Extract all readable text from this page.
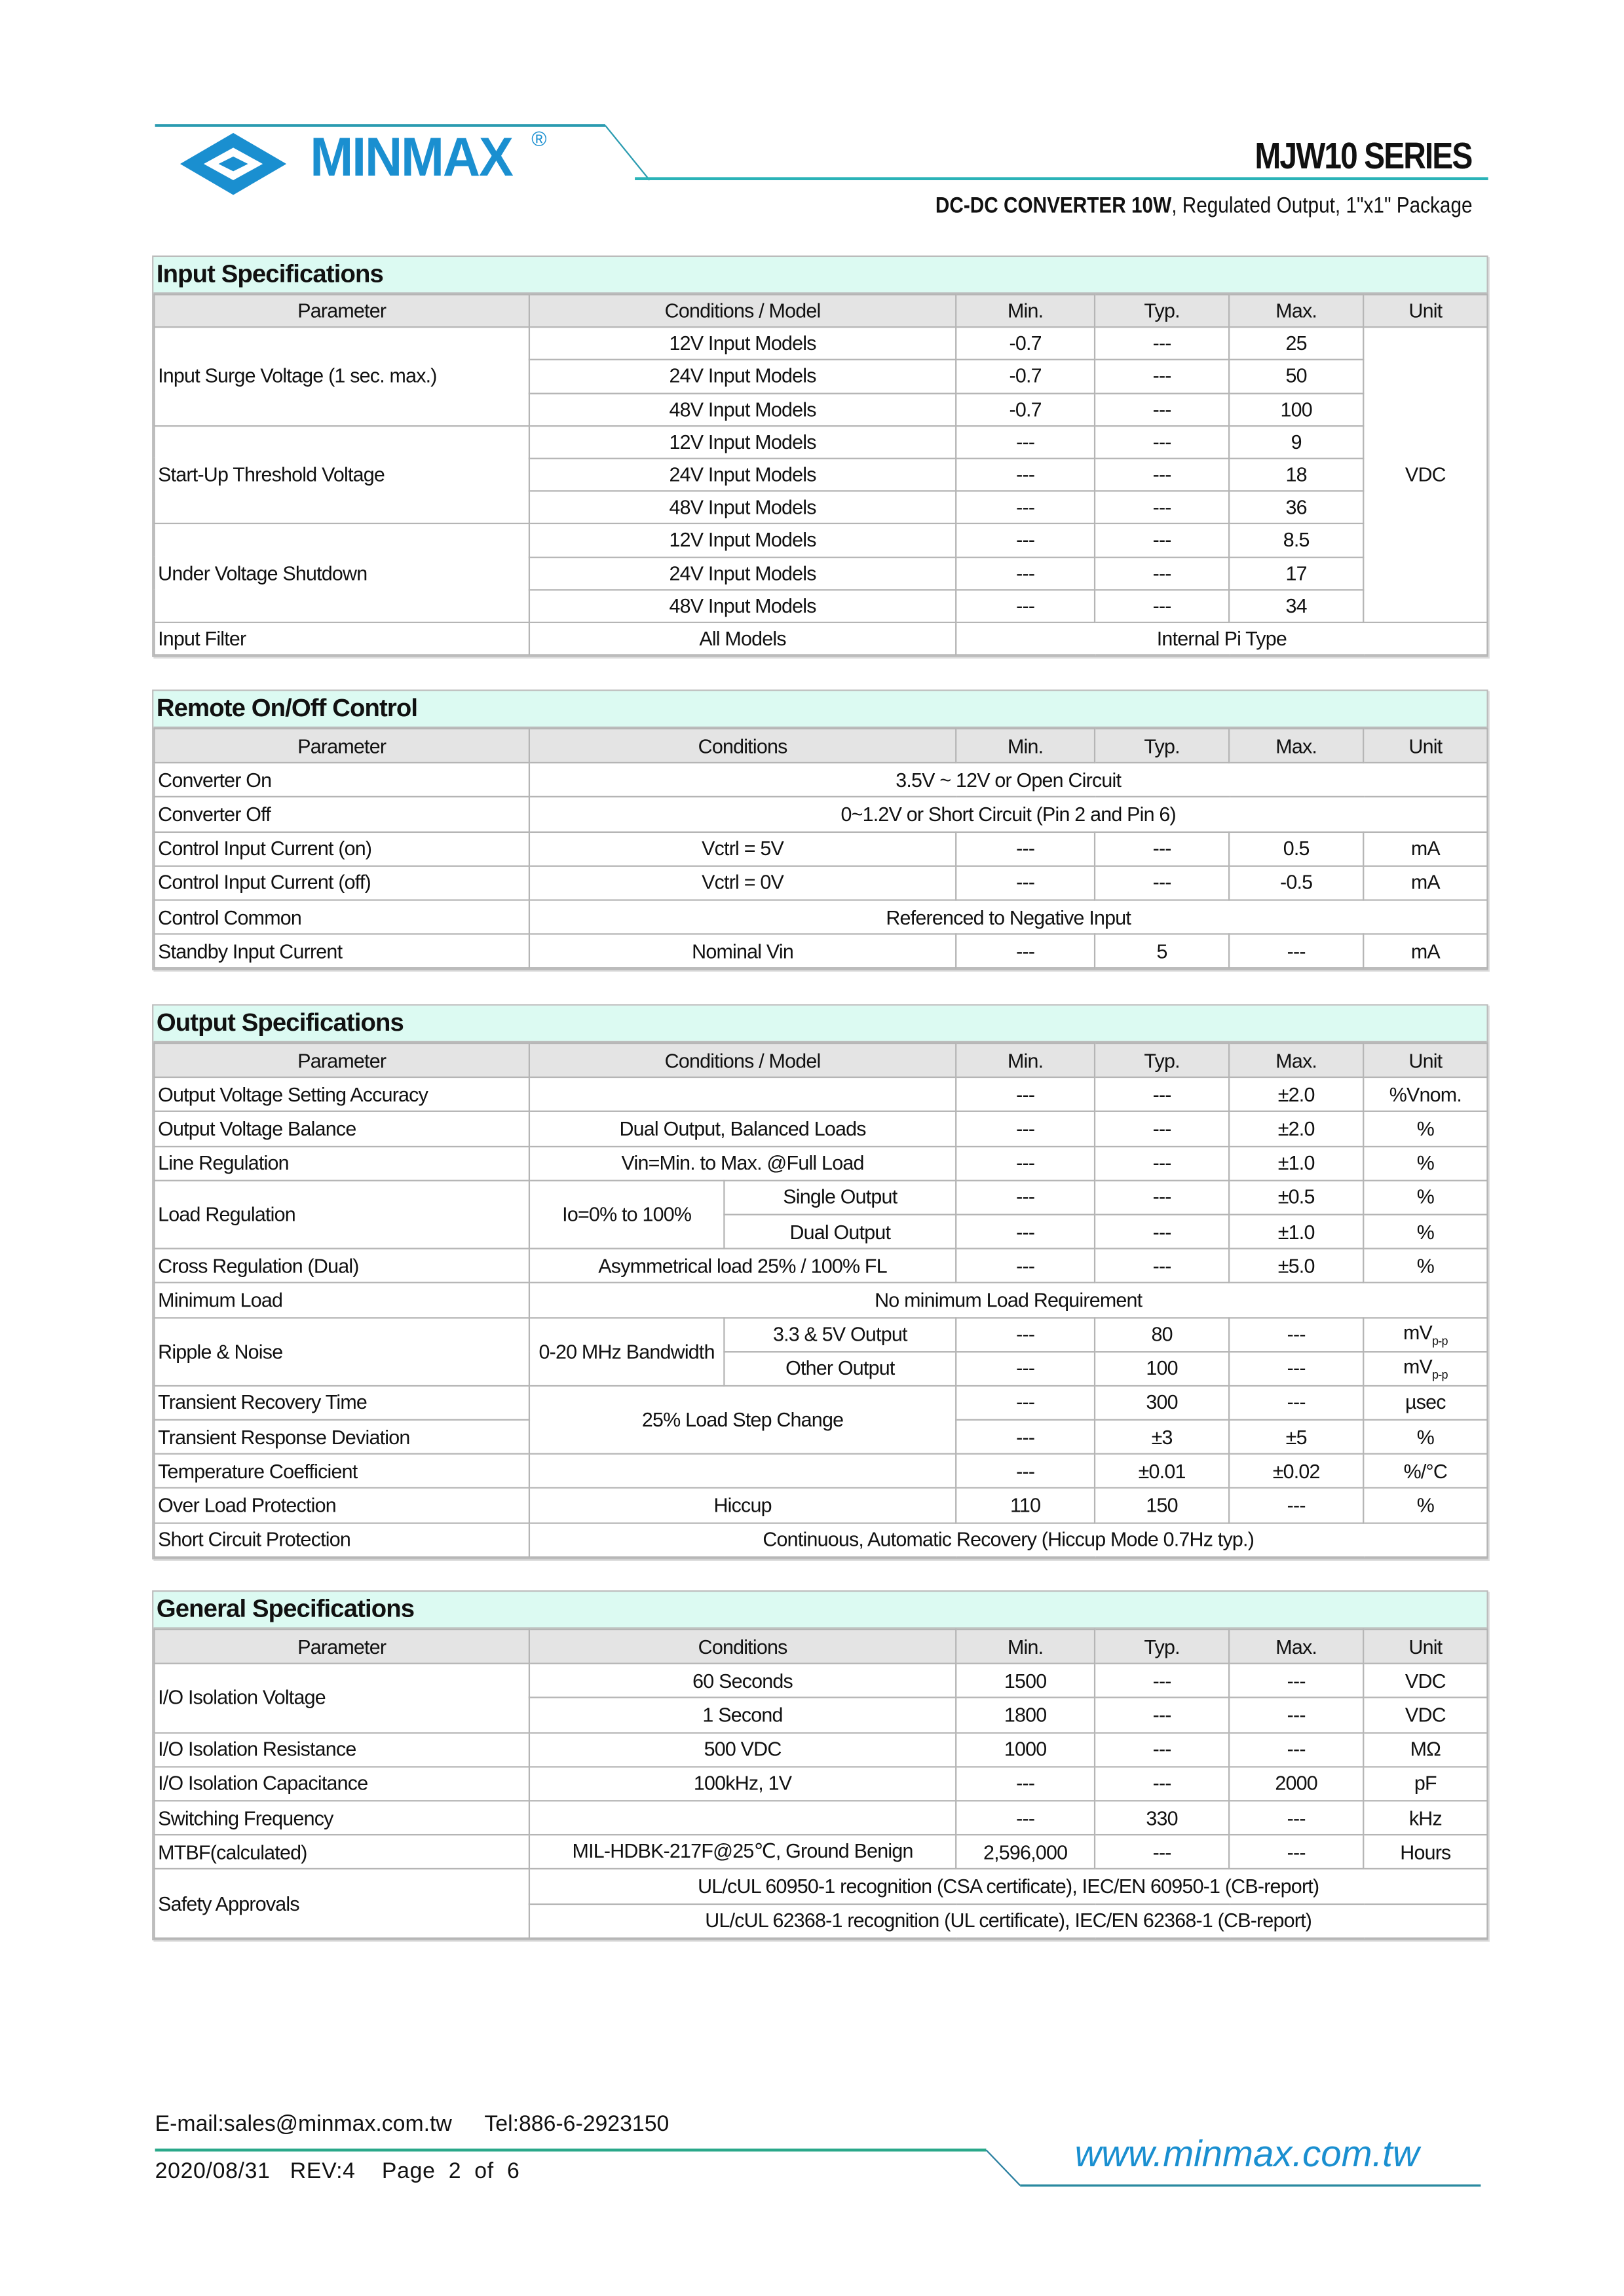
MINMAX ®	MJW10 SERIES
DC-DC CONVERTER 10W, Regulated Output, 1"x1" Package
Input Specifications
Parameter	Conditions / Model	Min.	Typ.	Max.	Unit
Input Surge Voltage (1 sec. max.)	12V Input Models	-0.7	---	25	VDC
	24V Input Models	-0.7	---	50	
	48V Input Models	-0.7	---	100	
Start-Up Threshold Voltage	12V Input Models	---	---	9	
	24V Input Models	---	---	18	
	48V Input Models	---	---	36	
Under Voltage Shutdown	12V Input Models	---	---	8.5	
	24V Input Models	---	---	17	
	48V Input Models	---	---	34	
Input Filter	All Models	Internal Pi Type			
Remote On/Off Control
Parameter	Conditions	Min.	Typ.	Max.	Unit
Converter On	3.5V ~ 12V or Open Circuit				
Converter Off	0~1.2V or Short Circuit (Pin 2 and Pin 6)				
Control Input Current (on)	Vctrl = 5V	---	---	0.5	mA
Control Input Current (off)	Vctrl = 0V	---	---	-0.5	mA
Control Common	Referenced to Negative Input				
Standby Input Current	Nominal Vin	---	5	---	mA
Output Specifications
Parameter	Conditions / Model		Min.	Typ.	Max.	Unit
Output Voltage Setting Accuracy			---	---	±2.0	%Vnom.
Output Voltage Balance	Dual Output, Balanced Loads		---	---	±2.0	%
Line Regulation	Vin=Min. to Max. @Full Load		---	---	±1.0	%
Load Regulation	Io=0% to 100%	Single Output	---	---	±0.5	%
		Dual Output	---	---	±1.0	%
Cross Regulation (Dual)	Asymmetrical load 25% / 100% FL		---	---	±5.0	%
Minimum Load	No minimum Load Requirement					
Ripple & Noise	0-20 MHz Bandwidth	3.3 & 5V Output	---	80	---	$mV_{p-p}$
		Other Output	---	100	---	$mV_{p-p}$
Transient Recovery Time	25% Load Step Change		---	300	---	µsec
Transient Response Deviation			---	±3	±5	%
Temperature Coefficient			---	±0.01	±0.02	%/°C
Over Load Protection	Hiccup		110	150	---	%
Short Circuit Protection	Continuous, Automatic Recovery (Hiccup Mode 0.7Hz typ.)					
General Specifications
Parameter	Conditions	Min.	Typ.	Max.	Unit
I/O Isolation Voltage	60 Seconds	1500	---	---	VDC
	1 Second	1800	---	---	VDC
I/O Isolation Resistance	500 VDC	1000	---	---	MΩ
I/O Isolation Capacitance	100kHz, 1V	---	---	2000	pF
Switching Frequency		---	330	---	kHz
MTBF(calculated)	MIL-HDBK-217F@25℃, Ground Benign	2,596,000	---	---	Hours
Safety Approvals	UL/cUL 60950-1 recognition (CSA certificate), IEC/EN 60950-1 (CB-report)				
	UL/cUL 62368-1 recognition (UL certificate), IEC/EN 62368-1 (CB-report)				
E-mail:sales@minmax.com.tw	Tel:886-6-2923150
2020/08/31 REV:4	Page  2  of  6	www.minmax.com.tw
